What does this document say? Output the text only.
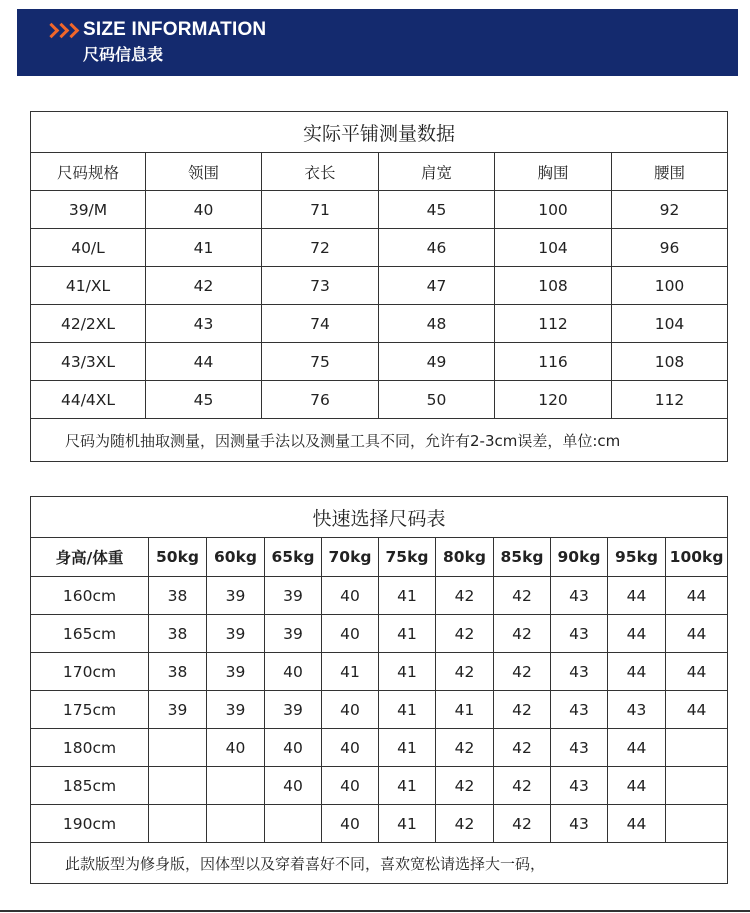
SIZE INFORMATION
尺码信息表
实际平铺测量数据					
尺码规格	领围	衣长	肩宽	胸围	腰围
39/M	40	71	45	100	92
40/L	41	72	46	104	96
41/XL	42	73	47	108	100
42/2XL	43	74	48	112	104
43/3XL	44	75	49	116	108
44/4XL	45	76	50	120	112
尺码为随机抽取测量，因测量手法以及测量工具不同，允许有2-3cm误差，单位:cm					
快速选择尺码表										
身高/体重	50kg	60kg	65kg	70kg	75kg	80kg	85kg	90kg	95kg	100kg
160cm	38	39	39	40	41	42	42	43	44	44
165cm	38	39	39	40	41	42	42	43	44	44
170cm	38	39	40	41	41	42	42	43	44	44
175cm	39	39	39	40	41	41	42	43	43	44
180cm		40	40	40	41	42	42	43	44	
185cm			40	40	41	42	42	43	44	
190cm				40	41	42	42	43	44	
此款版型为修身版，因体型以及穿着喜好不同，喜欢宽松请选择大一码，										
